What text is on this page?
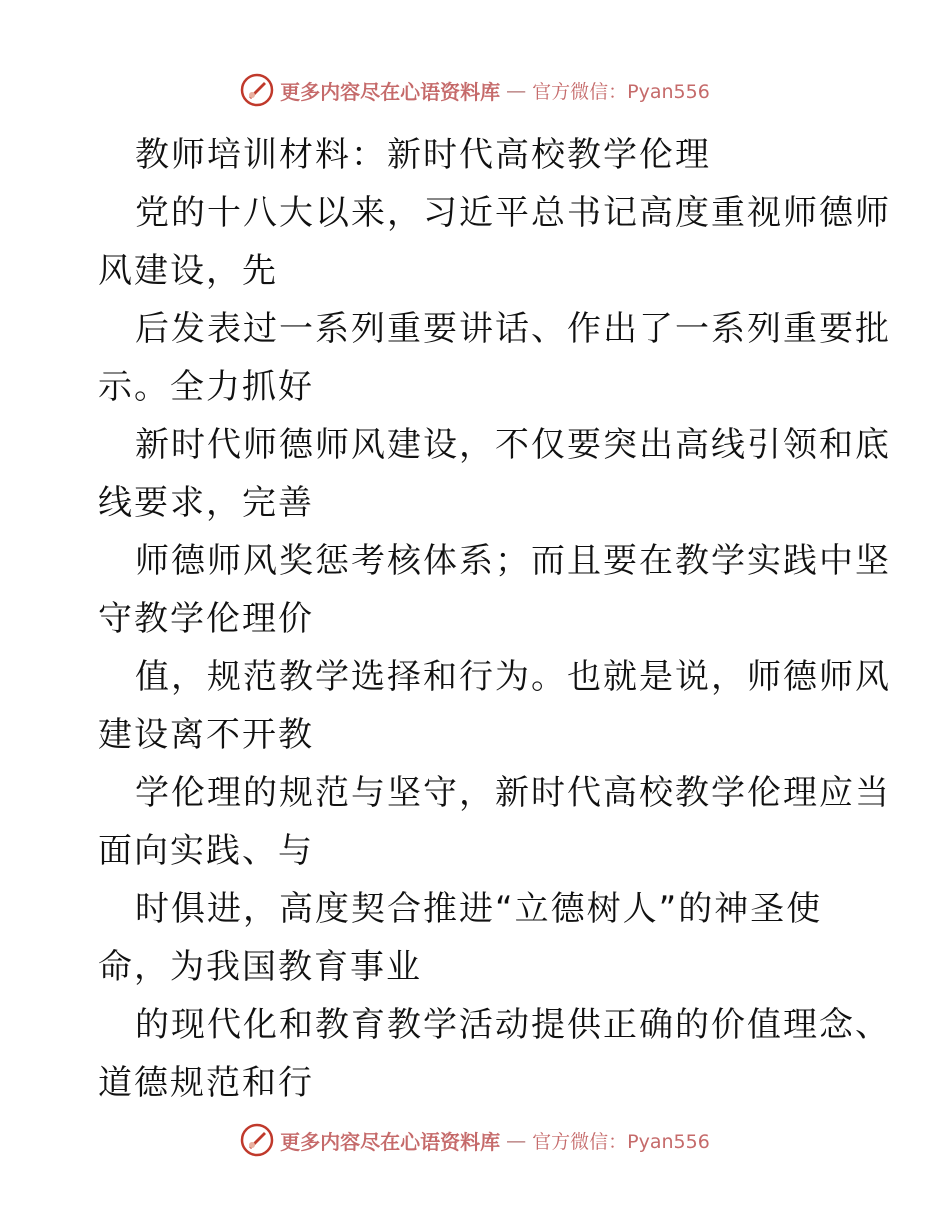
更多内容尽在心语资料库 — 官方微信：Pyan556
教师培训材料：新时代高校教学伦理
党的十八大以来，习近平总书记高度重视师德师
风建设，先
后发表过一系列重要讲话、作出了一系列重要批
示。全力抓好
新时代师德师风建设，不仅要突出高线引领和底
线要求，完善
师德师风奖惩考核体系；而且要在教学实践中坚
守教学伦理价
值，规范教学选择和行为。也就是说，师德师风
建设离不开教
学伦理的规范与坚守，新时代高校教学伦理应当
面向实践、与
时俱进，高度契合推进“立德树人”的神圣使
命，为我国教育事业
的现代化和教育教学活动提供正确的价值理念、
道德规范和行
更多内容尽在心语资料库 — 官方微信：Pyan556
